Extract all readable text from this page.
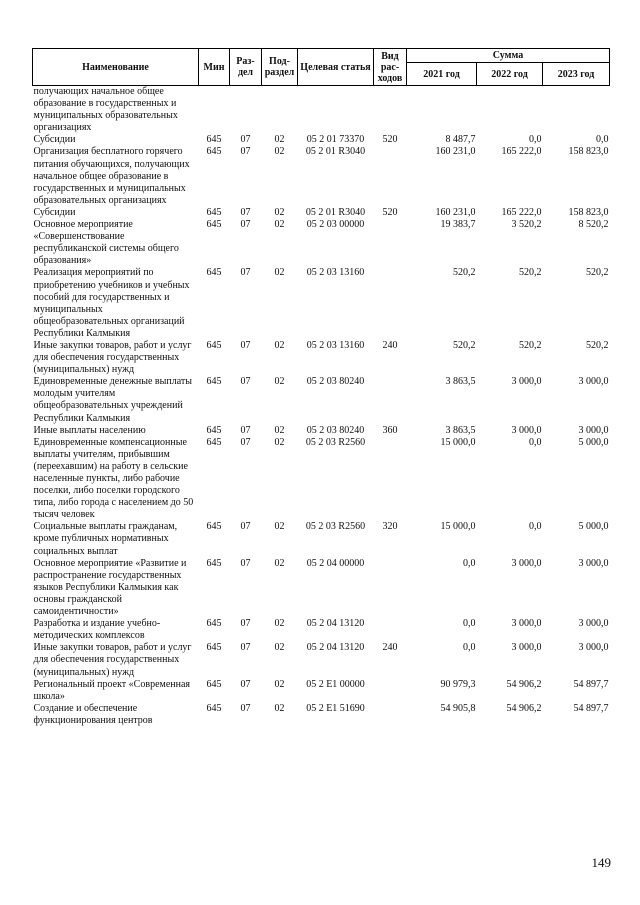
Наименование	Мин	Раз-дел	Под-раздел	Целевая статья	Вид рас-ходов	Сумма		
						2021 год	2022 год	2023 год
получающих начальное общее образование в государственных и муниципальных образовательных организациях								
Субсидии	645	07	02	05 2 01 73370	520	8 487,7	0,0	0,0
Организация бесплатного горячего питания обучающихся, получающих начальное общее образование в государственных и муниципальных образовательных организациях	645	07	02	05 2 01 R3040		160 231,0	165 222,0	158 823,0
Субсидии	645	07	02	05 2 01 R3040	520	160 231,0	165 222,0	158 823,0
Основное мероприятие «Совершенствование республиканской системы общего образования»	645	07	02	05 2 03 00000		19 383,7	3 520,2	8 520,2
Реализация мероприятий по приобретению учебников и учебных пособий для государственных и муниципальных общеобразовательных организаций Республики Калмыкия	645	07	02	05 2 03 13160		520,2	520,2	520,2
Иные закупки товаров, работ и услуг для обеспечения государственных (муниципальных) нужд	645	07	02	05 2 03 13160	240	520,2	520,2	520,2
Единовременные денежные выплаты молодым учителям общеобразовательных учреждений Республики Калмыкия	645	07	02	05 2 03 80240		3 863,5	3 000,0	3 000,0
Иные выплаты населению	645	07	02	05 2 03 80240	360	3 863,5	3 000,0	3 000,0
Единовременные компенсационные выплаты учителям, прибывшим (переехавшим) на работу в сельские населенные пункты, либо рабочие поселки, либо поселки городского типа, либо города с населением до 50 тысяч человек	645	07	02	05 2 03 R2560		15 000,0	0,0	5 000,0
Социальные выплаты гражданам, кроме публичных нормативных социальных выплат	645	07	02	05 2 03 R2560	320	15 000,0	0,0	5 000,0
Основное мероприятие «Развитие и распространение государственных языков Республики Калмыкия как основы гражданской самоидентичности»	645	07	02	05 2 04 00000		0,0	3 000,0	3 000,0
Разработка и издание учебно-методических комплексов	645	07	02	05 2 04 13120		0,0	3 000,0	3 000,0
Иные закупки товаров, работ и услуг для обеспечения государственных (муниципальных) нужд	645	07	02	05 2 04 13120	240	0,0	3 000,0	3 000,0
Региональный проект «Современная школа»	645	07	02	05 2 E1 00000		90 979,3	54 906,2	54 897,7
Создание и обеспечение функционирования центров	645	07	02	05 2 E1 51690		54 905,8	54 906,2	54 897,7
149
